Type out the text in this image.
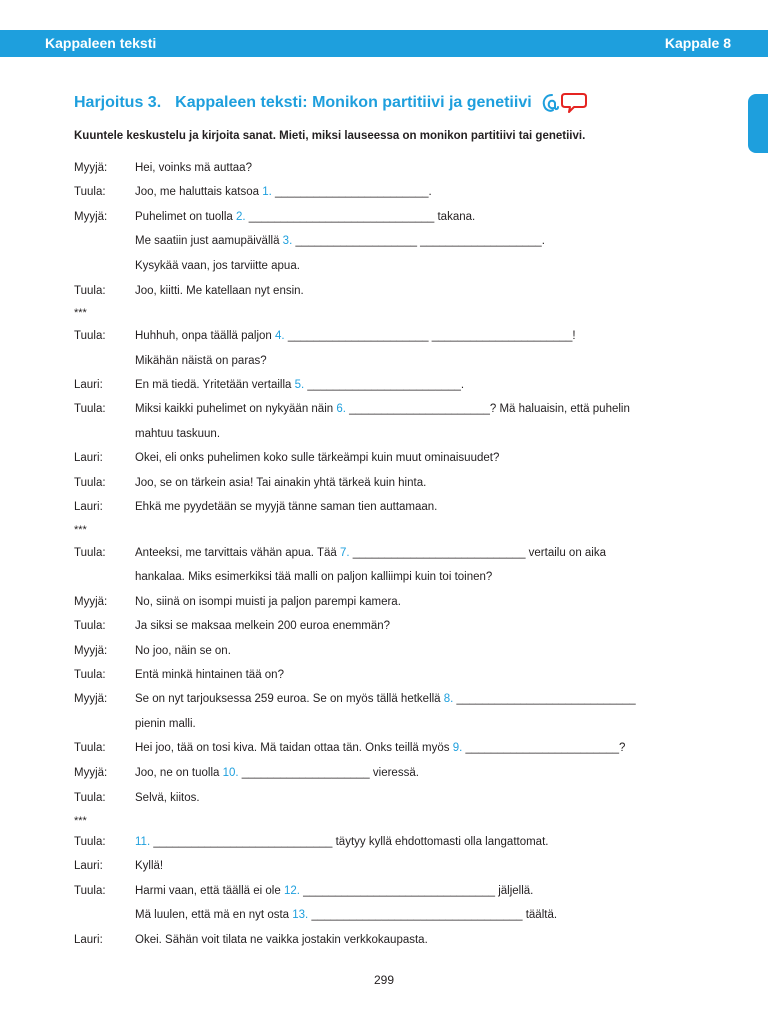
Kappaleen teksti	Kappale 8
Harjoitus 3. Kappaleen teksti: Monikon partitiivi ja genetiivi
Kuuntele keskustelu ja kirjoita sanat. Mieti, miksi lauseessa on monikon partitiivi tai genetiivi.
Myyjä: Hei, voinks mä auttaa?
Tuula:	Joo, me haluttais katsoa 1. ________________________.
Myyjä: Puhelimet on tuolla 2. _____________________________ takana.
Me saatiin just aamupäivällä 3. ___________________ ___________________.
Kysykää vaan, jos tarviitte apua.
Tuula:	Joo, kiitti. Me katellaan nyt ensin.
Tuula:	Huhhuh, onpa täällä paljon 4. ______________________ ______________________!
Mikähän näistä on paras?
Lauri:	En mä tiedä. Yritetään vertailla 5. ________________________.
Tuula:	Miksi kaikki puhelimet on nykyään näin 6. ______________________? Mä haluaisin, että puhelin
mahtuu taskuun.
Lauri:	Okei, eli onks puhelimen koko sulle tärkeämpi kuin muut ominaisuudet?
Tuula:	Joo, se on tärkein asia! Tai ainakin yhtä tärkeä kuin hinta.
Lauri:	Ehkä me pyydetään se myyjä tänne saman tien auttamaan.
Tuula:	Anteeksi, me tarvittais vähän apua. Tää 7. ___________________________ vertailu on aika
hankalaa. Miks esimerkiksi tää malli on paljon kalliimpi kuin toi toinen?
Myyjä: No, siinä on isompi muisti ja paljon parempi kamera.
Tuula:	Ja siksi se maksaa melkein 200 euroa enemmän?
Myyjä: No joo, näin se on.
Tuula:	Entä minkä hintainen tää on?
Myyjä: Se on nyt tarjouksessa 259 euroa. Se on myös tällä hetkellä 8. ____________________________
pienin malli.
Tuula:	Hei joo, tää on tosi kiva. Mä taidan ottaa tän. Onks teillä myös 9. ________________________?
Myyjä: Joo, ne on tuolla 10. ____________________ vieressä.
Tuula:	Selvä, kiitos.
Tuula:	11. ____________________________ täytyy kyllä ehdottomasti olla langattomat.
Lauri:	Kyllä!
Tuula:	Harmi vaan, että täällä ei ole 12. ______________________________ jäljellä.
Mä luulen, että mä en nyt osta 13. _________________________________ täältä.
Lauri:	Okei. Sähän voit tilata ne vaikka jostakin verkkokaupasta.
***
***
***
299
